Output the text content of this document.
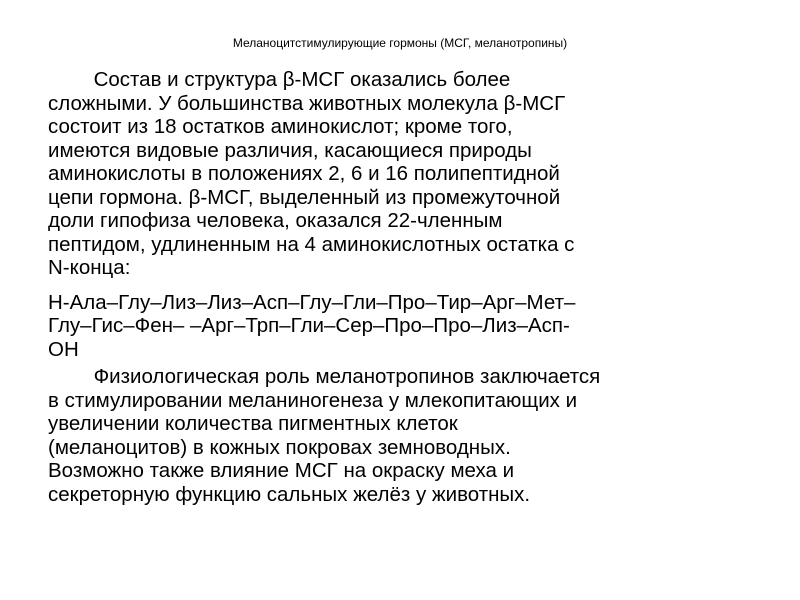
Меланоцитстимулирующие гормоны (МСГ, меланотропины)

Состав и структура β-МСГ оказались более

сложными. У большинства животных молекула β-МСГ

состоит из 18 остатков аминокислот; кроме того,

имеются видовые различия, касающиеся природы

аминокислоты в положениях 2, 6 и 16 полипептидной

цепи гормона. β-МСГ, выделенный из промежуточной

доли гипофиза человека, оказался 22-членным

пептидом, удлиненным на 4 аминокислотных остатка с

N-конца:

Н-Ала–Глу–Лиз–Лиз–Асп–Глу–Гли–Про–Тир–Арг–Мет–

Глу–Гис–Фен– –Арг–Трп–Гли–Сер–Про–Про–Лиз–Асп-

ОН

Физиологическая роль меланотропинов заключается

в стимулировании меланиногенеза у млекопитающих и

увеличении количества пигментных клеток

(меланоцитов) в кожных покровах земноводных.

Возможно также влияние МСГ на окраску меха и

секреторную функцию сальных желёз у животных.
